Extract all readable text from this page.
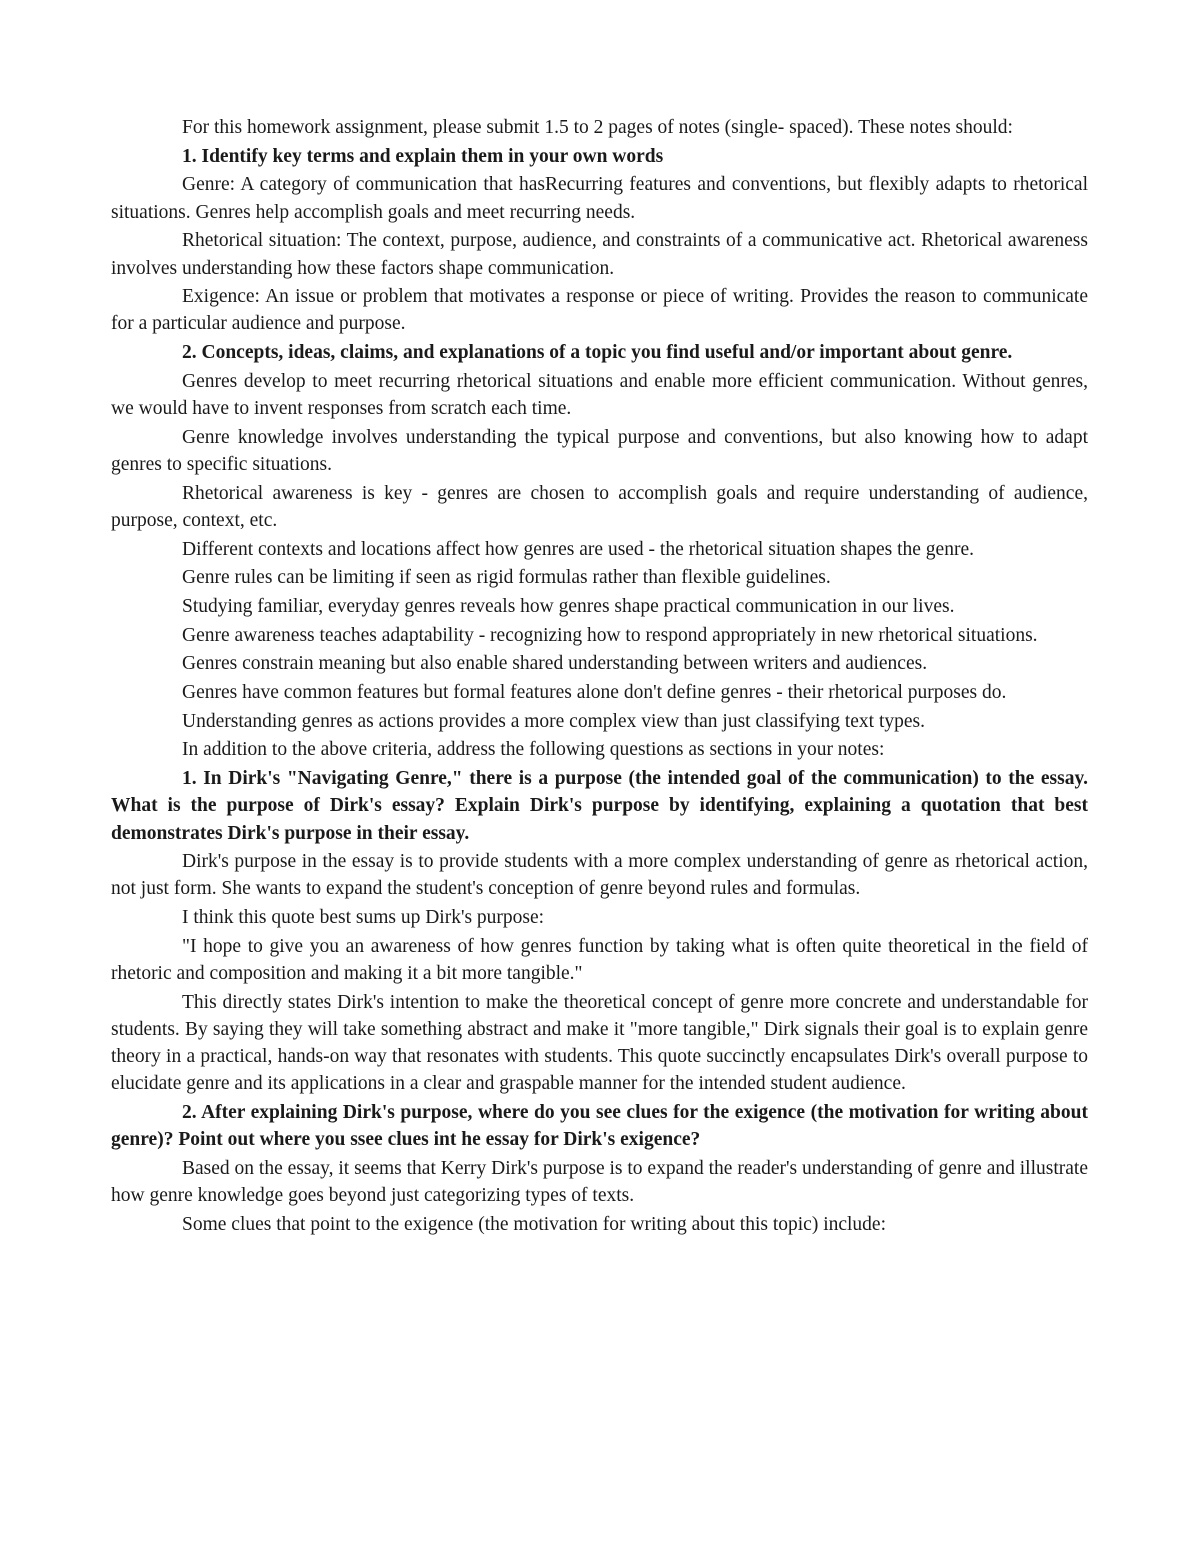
For this homework assignment, please submit 1.5 to 2 pages of notes (single- spaced). These notes should:

1. Identify key terms and explain them in your own words

Genre: A category of communication that hasRecurring features and conventions, but flexibly adapts to rhetorical situations. Genres help accomplish goals and meet recurring needs.

Rhetorical situation: The context, purpose, audience, and constraints of a communicative act. Rhetorical awareness involves understanding how these factors shape communication.

Exigence: An issue or problem that motivates a response or piece of writing. Provides the reason to communicate for a particular audience and purpose.

2. Concepts, ideas, claims, and explanations of a topic you find useful and/or important about genre.

Genres develop to meet recurring rhetorical situations and enable more efficient communication. Without genres, we would have to invent responses from scratch each time.

Genre knowledge involves understanding the typical purpose and conventions, but also knowing how to adapt genres to specific situations.

Rhetorical awareness is key - genres are chosen to accomplish goals and require understanding of audience, purpose, context, etc.

Different contexts and locations affect how genres are used - the rhetorical situation shapes the genre.

Genre rules can be limiting if seen as rigid formulas rather than flexible guidelines.

Studying familiar, everyday genres reveals how genres shape practical communication in our lives.

Genre awareness teaches adaptability - recognizing how to respond appropriately in new rhetorical situations.

Genres constrain meaning but also enable shared understanding between writers and audiences.

Genres have common features but formal features alone don't define genres - their rhetorical purposes do.

Understanding genres as actions provides a more complex view than just classifying text types.

In addition to the above criteria, address the following questions as sections in your notes:

1. In Dirk's "Navigating Genre," there is a purpose (the intended goal of the communication) to the essay. What is the purpose of Dirk's essay? Explain Dirk's purpose by identifying, explaining a quotation that best demonstrates Dirk's purpose in their essay.

Dirk's purpose in the essay is to provide students with a more complex understanding of genre as rhetorical action, not just form. She wants to expand the student's conception of genre beyond rules and formulas.

I think this quote best sums up Dirk's purpose:

"I hope to give you an awareness of how genres function by taking what is often quite theoretical in the field of rhetoric and composition and making it a bit more tangible."

This directly states Dirk's intention to make the theoretical concept of genre more concrete and understandable for students. By saying they will take something abstract and make it "more tangible," Dirk signals their goal is to explain genre theory in a practical, hands-on way that resonates with students. This quote succinctly encapsulates Dirk's overall purpose to elucidate genre and its applications in a clear and graspable manner for the intended student audience.

2. After explaining Dirk's purpose, where do you see clues for the exigence (the motivation for writing about genre)? Point out where you ssee clues int he essay for Dirk's exigence?

Based on the essay, it seems that Kerry Dirk's purpose is to expand the reader's understanding of genre and illustrate how genre knowledge goes beyond just categorizing types of texts.

Some clues that point to the exigence (the motivation for writing about this topic) include:
